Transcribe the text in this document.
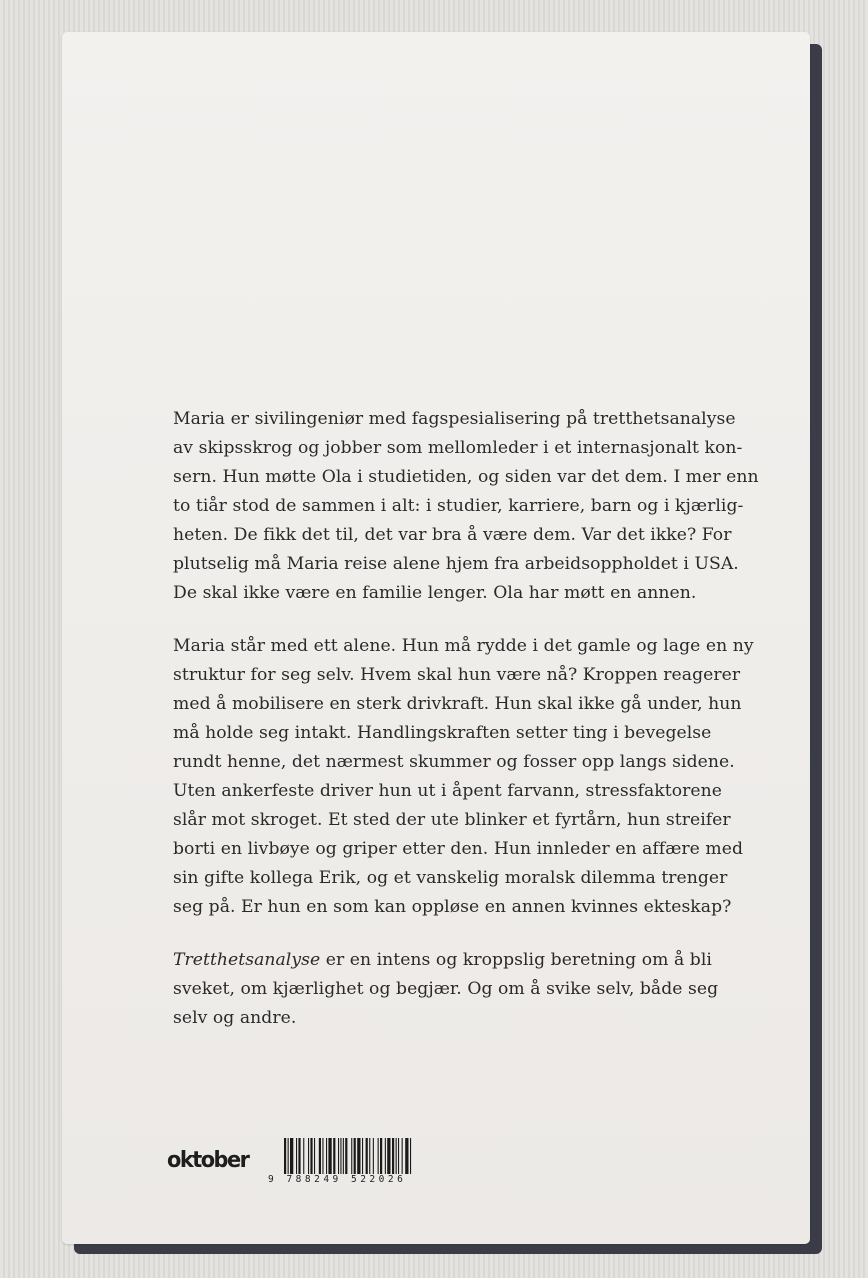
Maria er sivilingeniør med fagspesialisering på tretthetsanalyse
av skipsskrog og jobber som mellomleder i et internasjonalt kon-
sern. Hun møtte Ola i studietiden, og siden var det dem. I mer enn
to tiår stod de sammen i alt: i studier, karriere, barn og i kjærlig-
heten. De fikk det til, det var bra å være dem. Var det ikke? For
plutselig må Maria reise alene hjem fra arbeidsoppholdet i USA.
De skal ikke være en familie lenger. Ola har møtt en annen.
Maria står med ett alene. Hun må rydde i det gamle og lage en ny
struktur for seg selv. Hvem skal hun være nå? Kroppen reagerer
med å mobilisere en sterk drivkraft. Hun skal ikke gå under, hun
må holde seg intakt. Handlingskraften setter ting i bevegelse
rundt henne, det nærmest skummer og fosser opp langs sidene.
Uten ankerfeste driver hun ut i åpent farvann, stressfaktorene
slår mot skroget. Et sted der ute blinker et fyrtårn, hun streifer
borti en livbøye og griper etter den. Hun innleder en affære med
sin gifte kollega Erik, og et vanskelig moralsk dilemma trenger
seg på. Er hun en som kan oppløse en annen kvinnes ekteskap?
Tretthetsanalyse er en intens og kroppslig beretning om å bli
sveket, om kjærlighet og begjær. Og om å svike selv, både seg
selv og andre.
oktober
9 788249 522026
